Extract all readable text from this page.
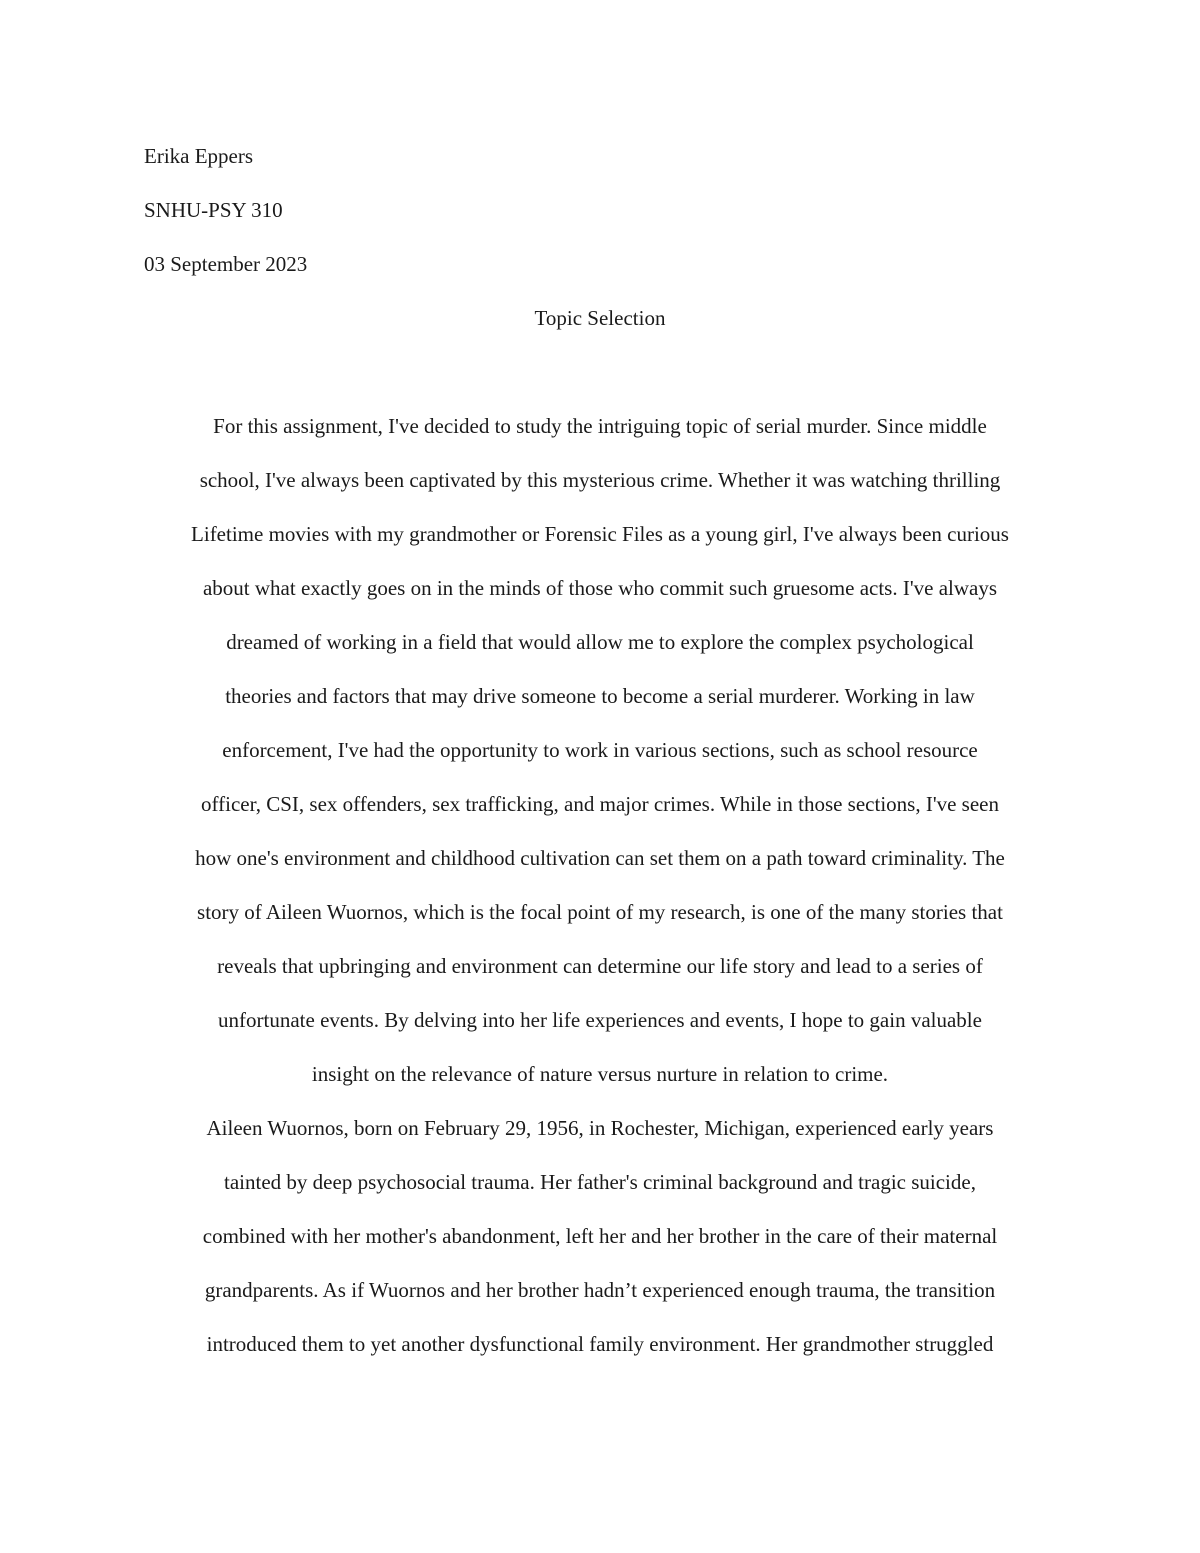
Erika Eppers
SNHU-PSY 310
03 September 2023
Topic Selection
For this assignment, I've decided to study the intriguing topic of serial murder. Since middle
school, I've always been captivated by this mysterious crime. Whether it was watching thrilling
Lifetime movies with my grandmother or Forensic Files as a young girl, I've always been curious
about what exactly goes on in the minds of those who commit such gruesome acts. I've always
dreamed of working in a field that would allow me to explore the complex psychological
theories and factors that may drive someone to become a serial murderer. Working in law
enforcement, I've had the opportunity to work in various sections, such as school resource
officer, CSI, sex offenders, sex trafficking, and major crimes. While in those sections, I've seen
how one's environment and childhood cultivation can set them on a path toward criminality. The
story of Aileen Wuornos, which is the focal point of my research, is one of the many stories that
reveals that upbringing and environment can determine our life story and lead to a series of
unfortunate events. By delving into her life experiences and events, I hope to gain valuable
insight on the relevance of nature versus nurture in relation to crime.
Aileen Wuornos, born on February 29, 1956, in Rochester, Michigan, experienced early years
tainted by deep psychosocial trauma. Her father's criminal background and tragic suicide,
combined with her mother's abandonment, left her and her brother in the care of their maternal
grandparents. As if Wuornos and her brother hadn’t experienced enough trauma, the transition
introduced them to yet another dysfunctional family environment. Her grandmother struggled
